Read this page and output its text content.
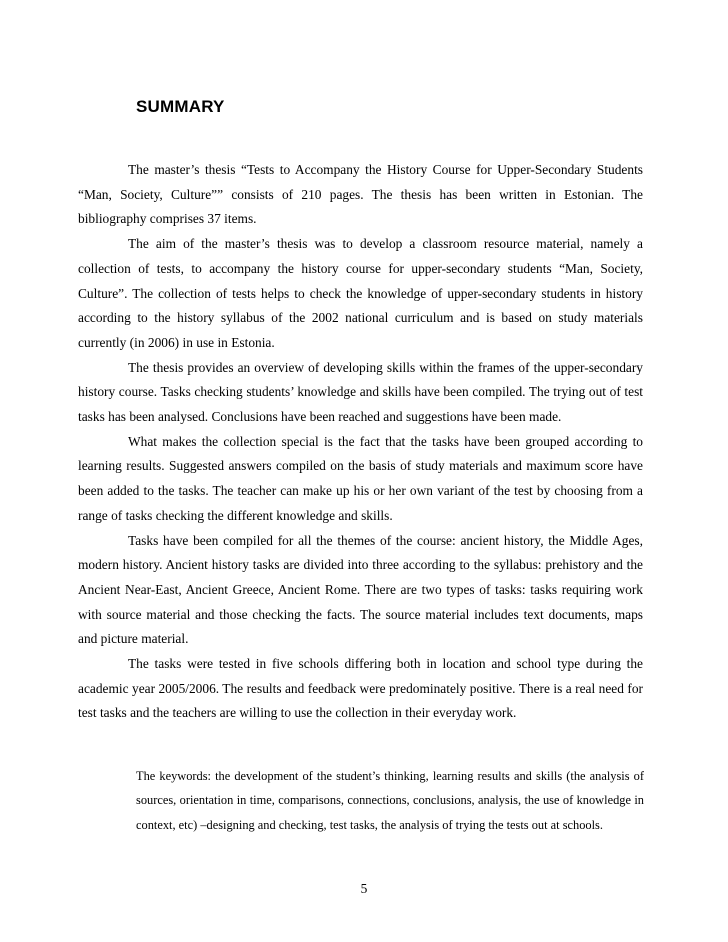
SUMMARY

The master’s thesis “Tests to Accompany the History Course for Upper-Secondary Students “Man, Society, Culture”” consists of 210 pages. The thesis has been written in Estonian. The bibliography comprises 37 items.

The aim of the master’s thesis was to develop a classroom resource material, namely a collection of tests, to accompany the history course for upper-secondary students “Man, Society, Culture”. The collection of tests helps to check the knowledge of upper-secondary students in history according to the history syllabus of the 2002 national curriculum and is based on study materials currently (in 2006) in use in Estonia.

The thesis provides an overview of developing skills within the frames of the upper-secondary history course. Tasks checking students’ knowledge and skills have been compiled. The trying out of test tasks has been analysed. Conclusions have been reached and suggestions have been made.

What makes the collection special is the fact that the tasks have been grouped according to learning results. Suggested answers compiled on the basis of study materials and maximum score have been added to the tasks. The teacher can make up his or her own variant of the test by choosing from a range of tasks checking the different knowledge and skills.

Tasks have been compiled for all the themes of the course: ancient history, the Middle Ages, modern history. Ancient history tasks are divided into three according to the syllabus: prehistory and the Ancient Near-East, Ancient Greece, Ancient Rome. There are two types of tasks: tasks requiring work with source material and those checking the facts. The source material includes text documents, maps and picture material.

The tasks were tested in five schools differing both in location and school type during the academic year 2005/2006. The results and feedback were predominately positive. There is a real need for test tasks and the teachers are willing to use the collection in their everyday work.

The keywords: the development of the student’s thinking, learning results and skills (the analysis of sources, orientation in time, comparisons, connections, conclusions, analysis, the use of knowledge in context, etc) –designing and checking, test tasks, the analysis of trying the tests out at schools.

5
